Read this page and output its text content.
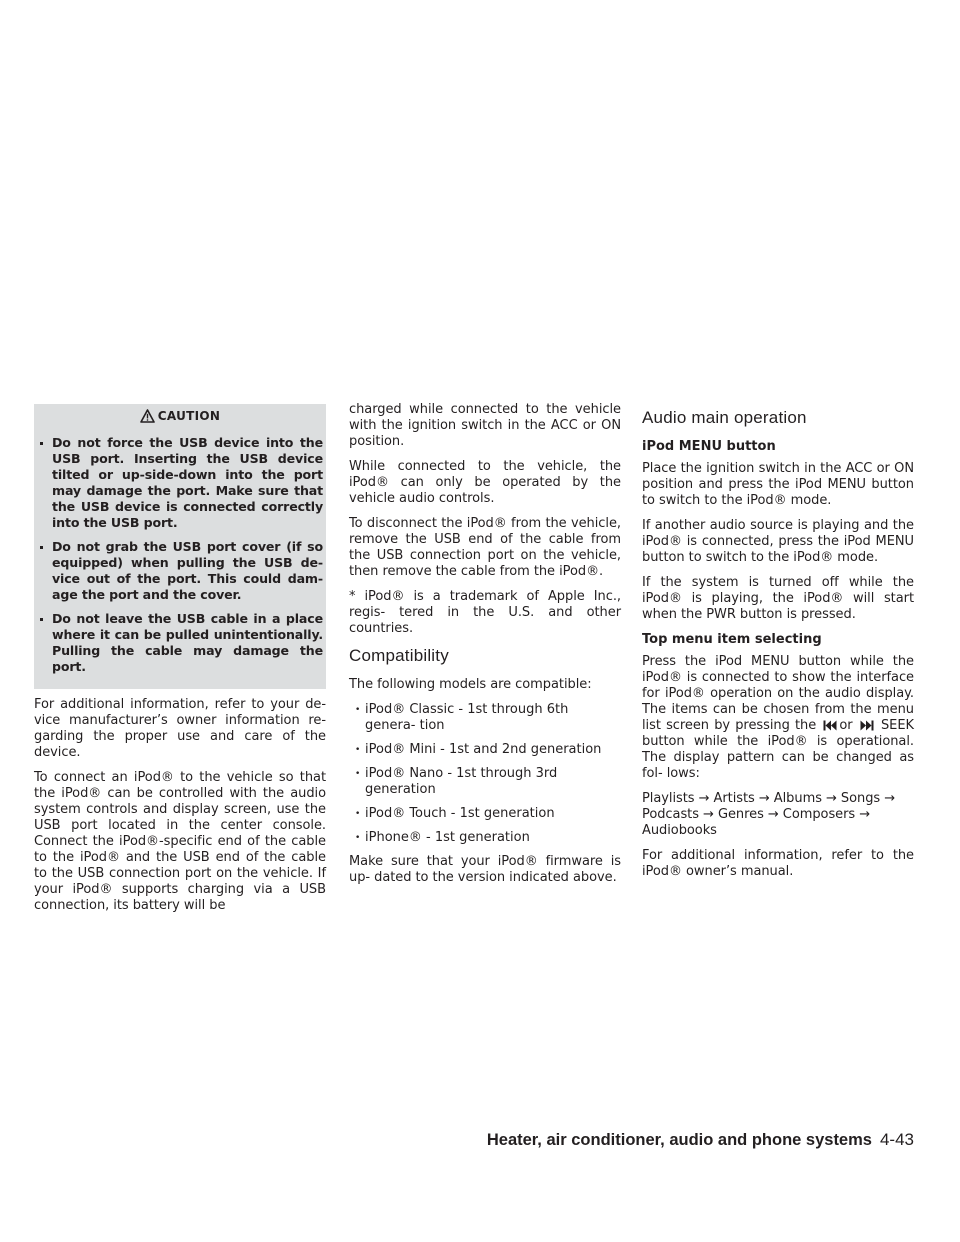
CAUTION
Do not force the USB device into the USB port. Inserting the USB device tilted or up-side-down into the port may damage the port. Make sure that the USB device is connected correctly into the USB port.
Do not grab the USB port cover (if so equipped) when pulling the USB de- vice out of the port. This could dam- age the port and the cover.
Do not leave the USB cable in a place where it can be pulled unintentionally. Pulling the cable may damage the port.

For additional information, refer to your de- vice manufacturer’s owner information re- garding the proper use and care of the device.

To connect an iPod® to the vehicle so that the iPod® can be controlled with the audio system controls and display screen, use the USB port located in the center console. Connect the iPod®-specific end of the cable to the iPod® and the USB end of the cable to the USB connection port on the vehicle. If your iPod® supports charging via a USB connection, its battery will be

charged while connected to the vehicle with the ignition switch in the ACC or ON position.

While connected to the vehicle, the iPod® can only be operated by the vehicle audio controls.

To disconnect the iPod® from the vehicle, remove the USB end of the cable from the USB connection port on the vehicle, then remove the cable from the iPod®.

* iPod® is a trademark of Apple Inc., regis- tered in the U.S. and other countries.

Compatibility

The following models are compatible:

• iPod® Classic - 1st through 6th genera- tion
• iPod® Mini - 1st and 2nd generation
• iPod® Nano - 1st through 3rd generation
• iPod® Touch - 1st generation
• iPhone® - 1st generation

Make sure that your iPod® firmware is up- dated to the version indicated above.

Audio main operation
iPod MENU button

Place the ignition switch in the ACC or ON position and press the iPod MENU button to switch to the iPod® mode.

If another audio source is playing and the iPod® is connected, press the iPod MENU button to switch to the iPod® mode.

If the system is turned off while the iPod® is playing, the iPod® will start when the PWR button is pressed.

Top menu item selecting

Press the iPod MENU button while the iPod® is connected to show the interface for iPod® operation on the audio display. The items can be chosen from the menu list screen by pressing the or SEEK button while the iPod® is operational. The display pattern can be changed as fol- lows:

Playlists → Artists → Albums → Songs → Podcasts → Genres → Composers → Audiobooks

For additional information, refer to the iPod® owner’s manual.

Heater, air conditioner, audio and phone systems 4-43
